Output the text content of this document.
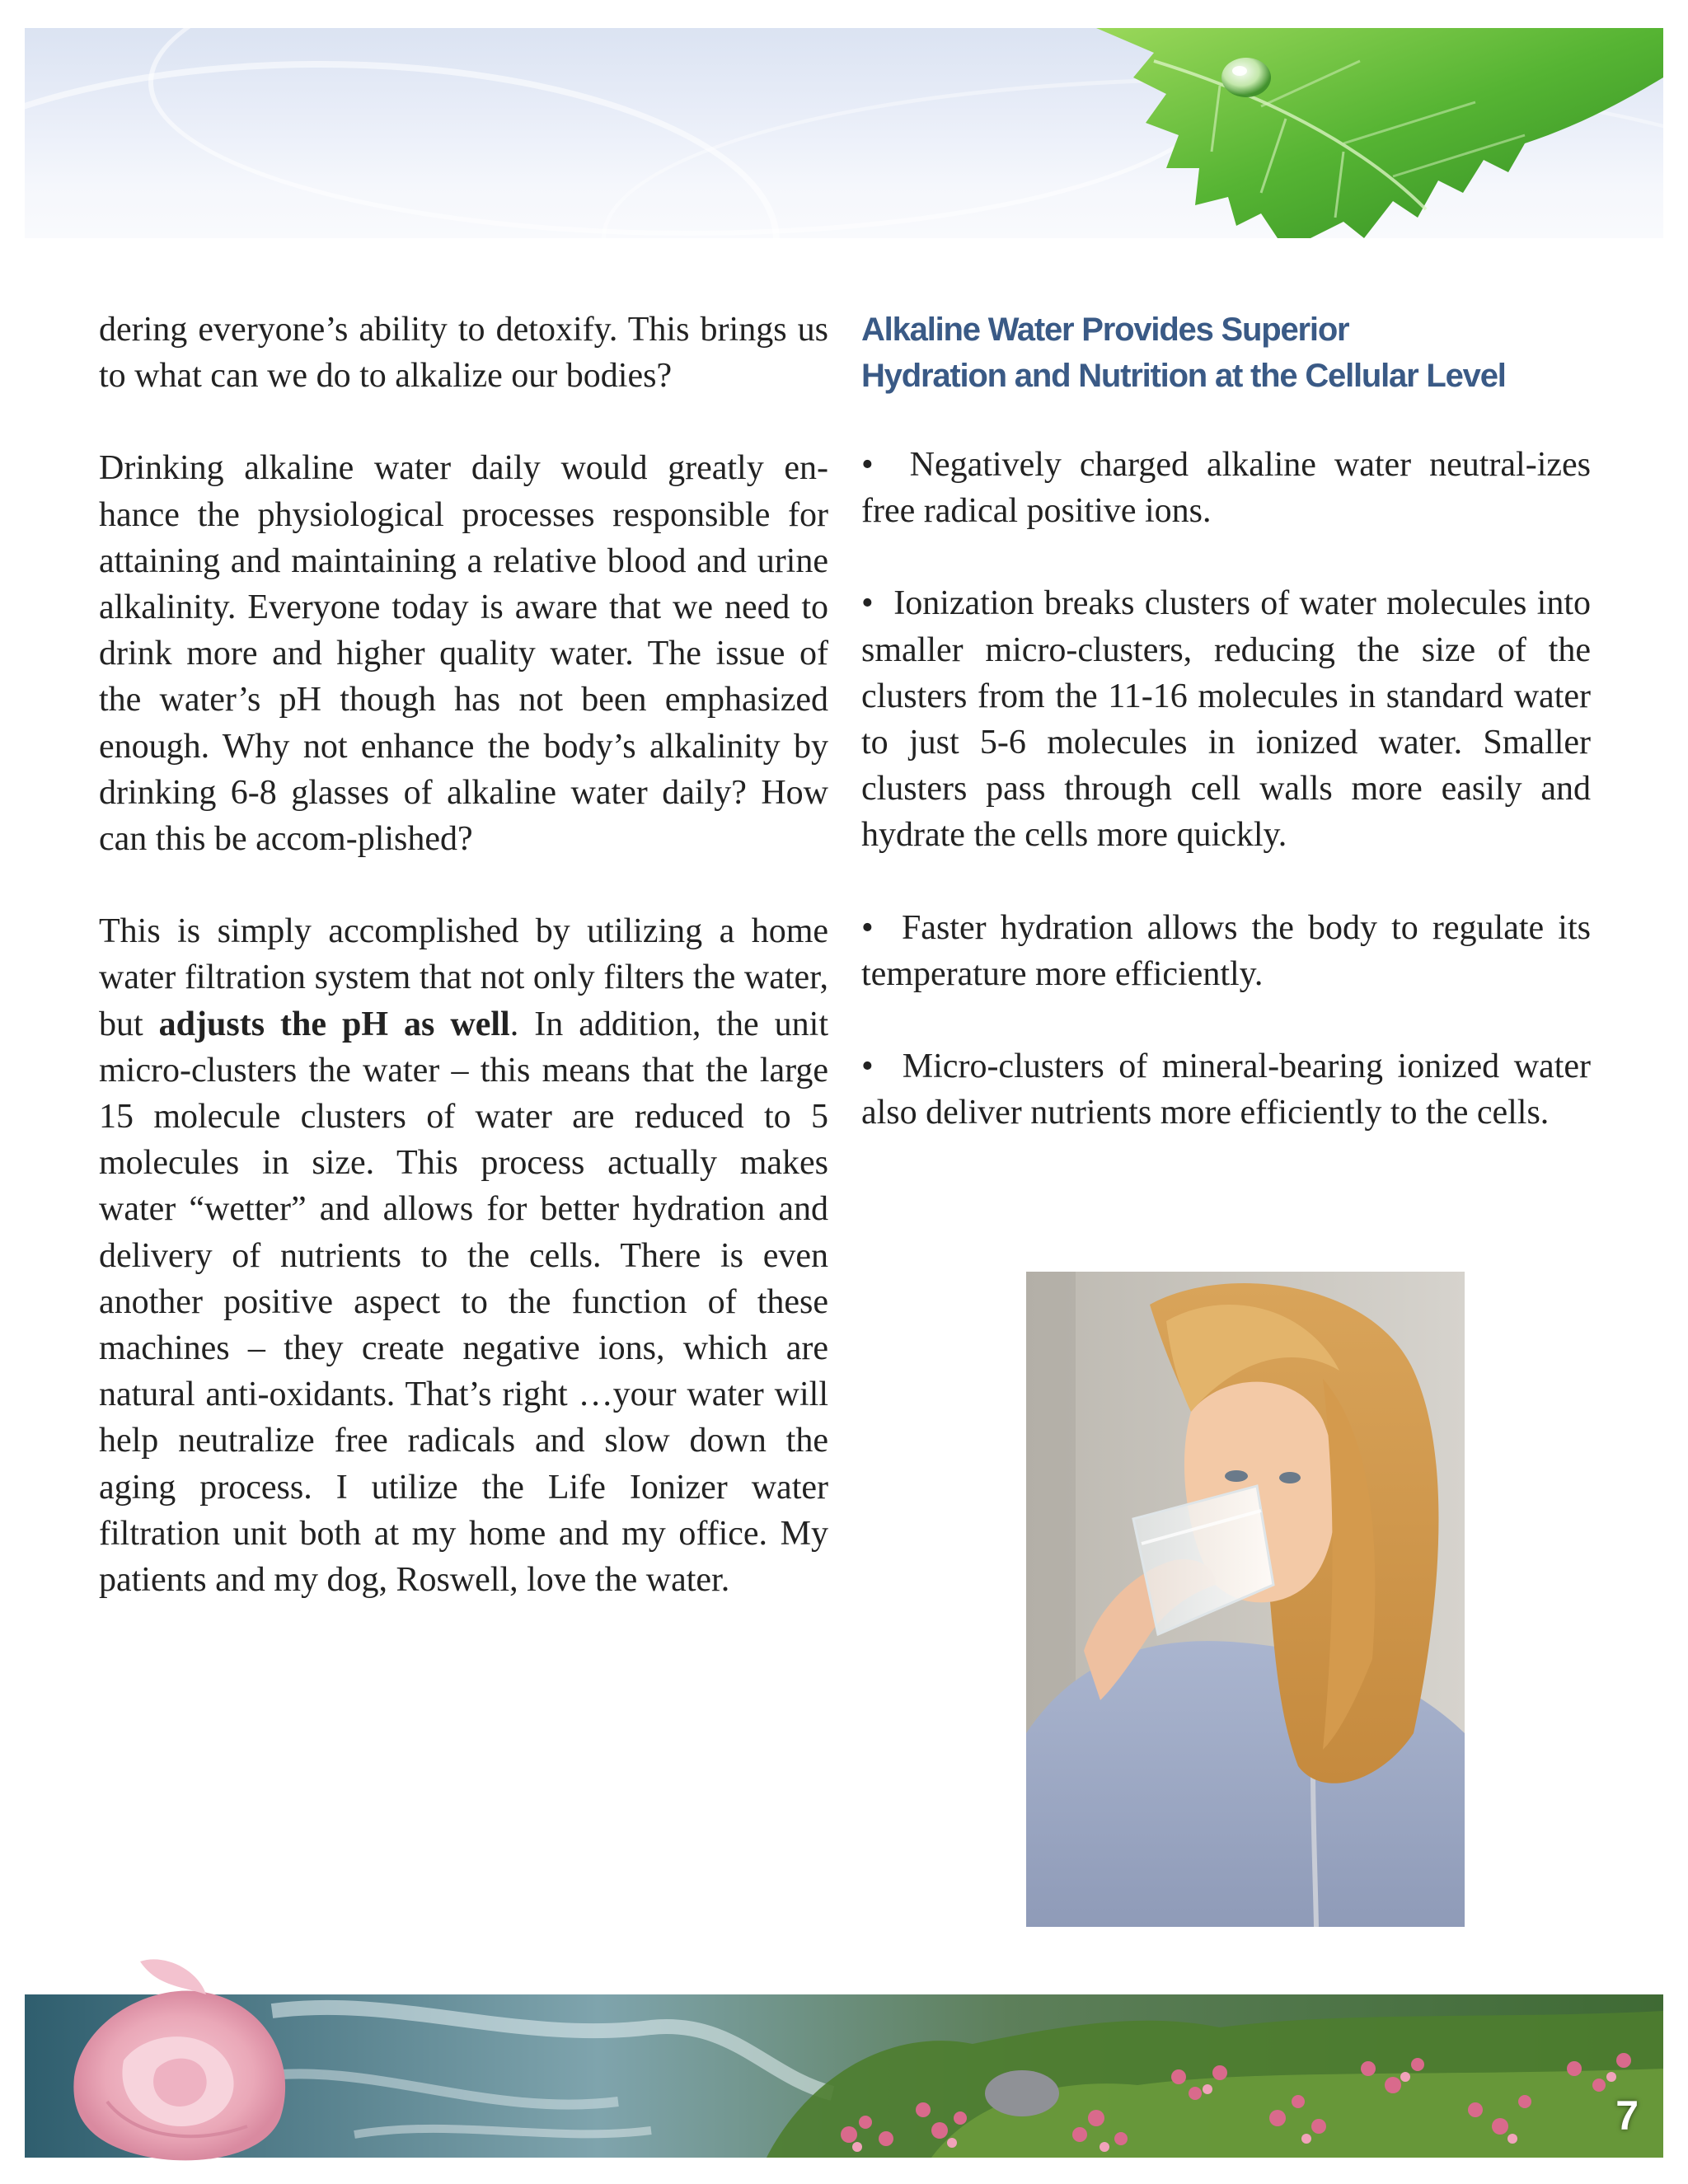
dering everyone’s ability to detoxify. This brings us to what can we do to alkalize our bodies?

Drinking alkaline water daily would greatly en-hance the physiological processes responsible for attaining and maintaining a relative blood and urine alkalinity. Everyone today is aware that we need to drink more and higher quality water. The issue of the water’s pH though has not been emphasized enough. Why not enhance the body’s alkalinity by drinking 6-8 glasses of alkaline water daily? How can this be accom-plished?

This is simply accomplished by utilizing a home water filtration system that not only filters the water, but adjusts the pH as well. In addition, the unit micro-clusters the water – this means that the large 15 molecule clusters of water are reduced to 5 molecules in size. This process actually makes water “wetter” and allows for better hydration and delivery of nutrients to the cells. There is even another positive aspect to the function of these machines – they create negative ions, which are natural anti-oxidants. That’s right …your water will help neutralize free radicals and slow down the aging process. I utilize the Life Ionizer water filtration unit both at my home and my office. My patients and my dog, Roswell, love the water.

Alkaline Water Provides Superior
Hydration and Nutrition at the Cellular Level

•  Negatively charged alkaline water neutral-izes free radical positive ions.

•  Ionization breaks clusters of water molecules into smaller micro-clusters, reducing the size of the clusters from the 11-16 molecules in standard water to just 5-6 molecules in ionized water. Smaller clusters pass through cell walls more easily and hydrate the cells more quickly.

•  Faster hydration allows the body to regulate its temperature more efficiently.

•  Micro-clusters of mineral-bearing ionized water also deliver nutrients more efficiently to the cells.

7
